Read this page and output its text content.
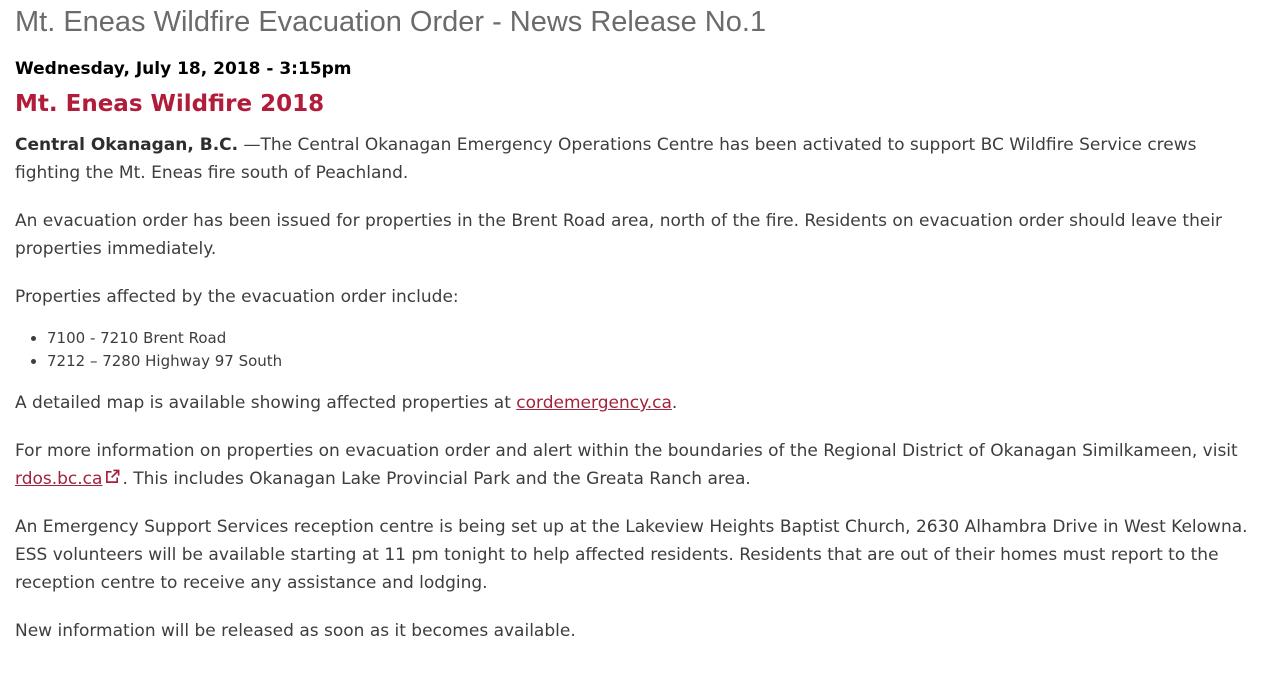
Mt. Eneas Wildfire Evacuation Order - News Release No.1
Wednesday, July 18, 2018 - 3:15pm
Mt. Eneas Wildfire 2018

Central Okanagan, B.C. —The Central Okanagan Emergency Operations Centre has been activated to support BC Wildfire Service crews fighting the Mt. Eneas fire south of Peachland.

An evacuation order has been issued for properties in the Brent Road area, north of the fire. Residents on evacuation order should leave their properties immediately.

Properties affected by the evacuation order include:

• 7100 - 7210 Brent Road
• 7212 – 7280 Highway 97 South

A detailed map is available showing affected properties at cordemergency.ca.

For more information on properties on evacuation order and alert within the boundaries of the Regional District of Okanagan Similkameen, visit rdos.bc.ca . This includes Okanagan Lake Provincial Park and the Greata Ranch area.

An Emergency Support Services reception centre is being set up at the Lakeview Heights Baptist Church, 2630 Alhambra Drive in West Kelowna. ESS volunteers will be available starting at 11 pm tonight to help affected residents. Residents that are out of their homes must report to the reception centre to receive any assistance and lodging.

New information will be released as soon as it becomes available.
